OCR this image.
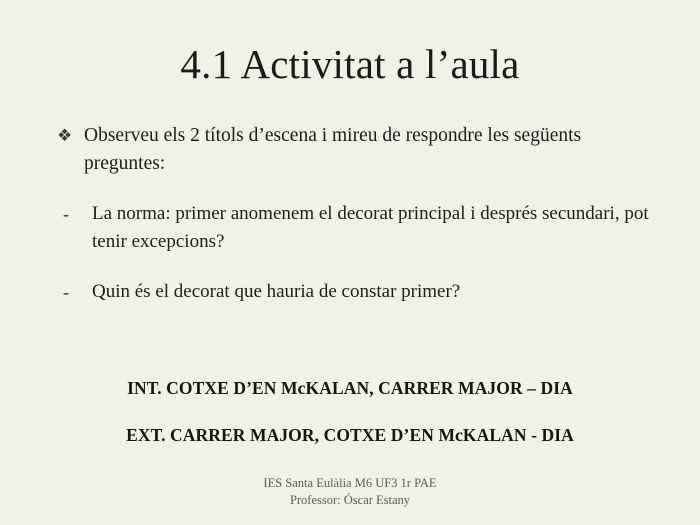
4.1 Activitat a l’aula
❖ Observeu els 2 títols d’escena i mireu de respondre les següents preguntes:
-	La norma: primer anomenem el decorat principal i després secundari, pot tenir excepcions?
-	Quin és el decorat que hauria de constar primer?
INT. COTXE D’EN McKALAN, CARRER MAJOR – DIA
EXT. CARRER MAJOR, COTXE D’EN McKALAN - DIA
IES Santa Eulàlia M6 UF3 1r PAE
Professor: Óscar Estany
